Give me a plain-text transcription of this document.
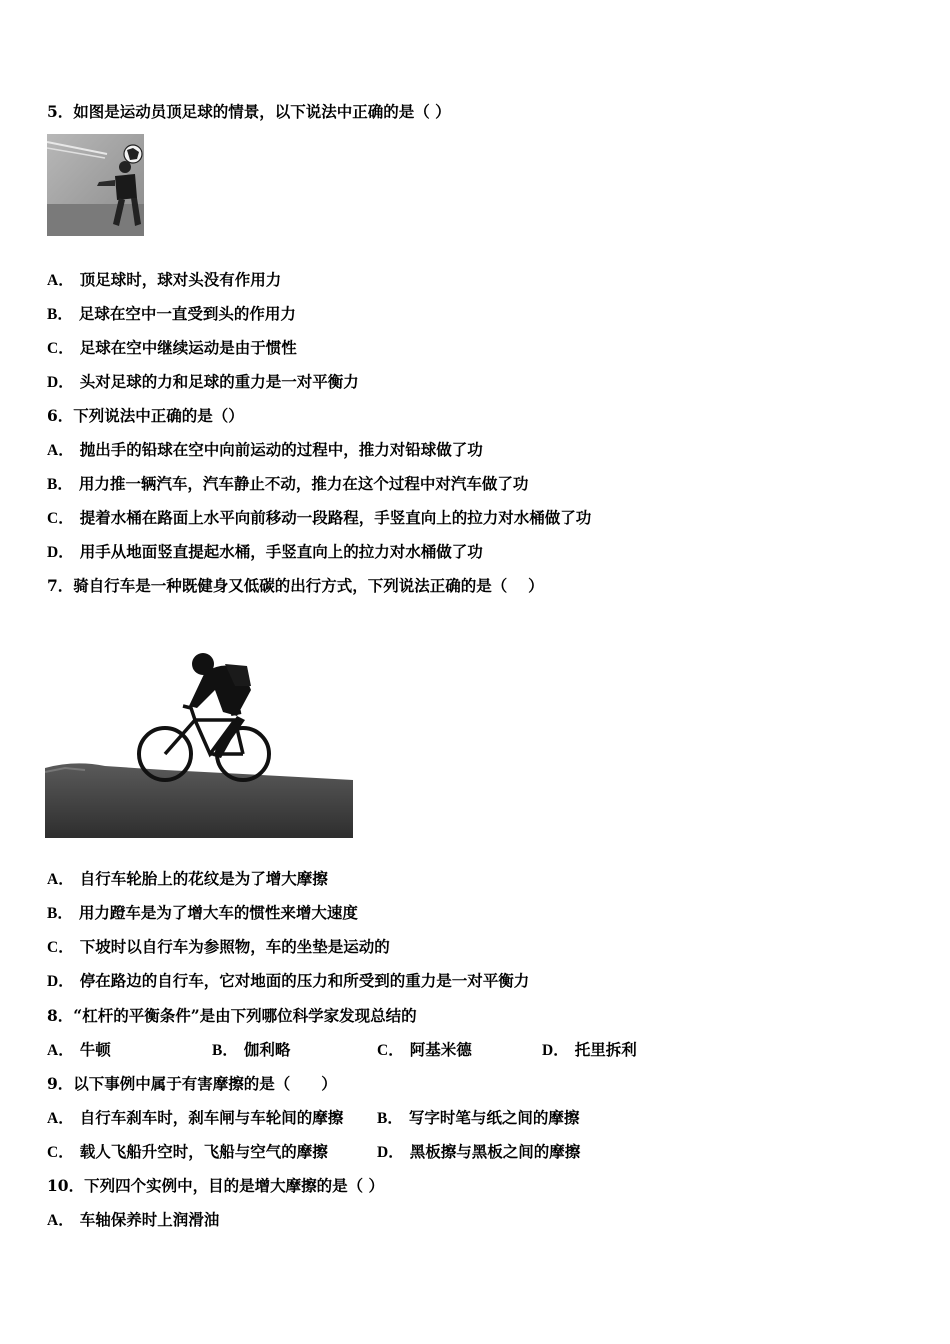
5．如图是运动员顶足球的情景，以下说法中正确的是（ ）
A． 顶足球时，球对头没有作用力
B． 足球在空中一直受到头的作用力
C． 足球在空中继续运动是由于惯性
D． 头对足球的力和足球的重力是一对平衡力
6．下列说法中正确的是（）
A． 抛出手的铅球在空中向前运动的过程中，推力对铅球做了功
B． 用力推一辆汽车，汽车静止不动，推力在这个过程中对汽车做了功
C． 提着水桶在路面上水平向前移动一段路程，手竖直向上的拉力对水桶做了功
D． 用手从地面竖直提起水桶，手竖直向上的拉力对水桶做了功
7．骑自行车是一种既健身又低碳的出行方式，下列说法正确的是（　 ）
A． 自行车轮胎上的花纹是为了增大摩擦
B． 用力蹬车是为了增大车的惯性来增大速度
C． 下坡时以自行车为参照物，车的坐垫是运动的
D． 停在路边的自行车，它对地面的压力和所受到的重力是一对平衡力
8．“杠杆的平衡条件”是由下列哪位科学家发现总结的
A． 牛顿	B． 伽利略	C． 阿基米德	D． 托里拆利
9．以下事例中属于有害摩擦的是（　　）
A． 自行车刹车时，刹车闸与车轮间的摩擦 B． 写字时笔与纸之间的摩擦
C． 载人飞船升空时，飞船与空气的摩擦	D． 黑板擦与黑板之间的摩擦
10．下列四个实例中，目的是增大摩擦的是（ ）
A． 车轴保养时上润滑油
